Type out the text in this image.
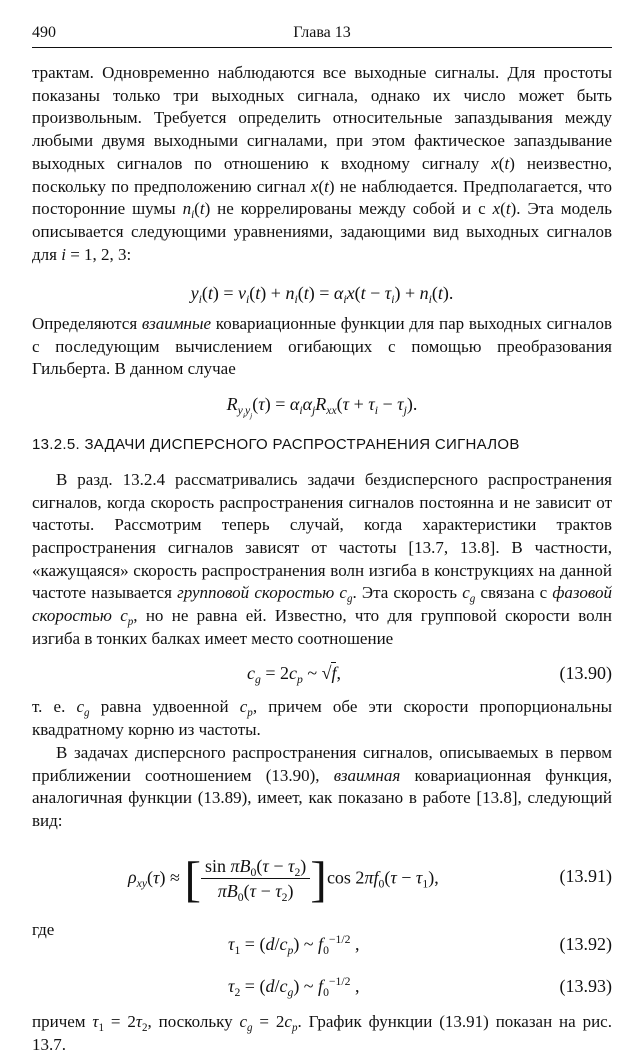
490	Глава 13

трактам. Одновременно наблюдаются все выходные сигналы. Для простоты показаны только три выходных сигнала, однако их число может быть произвольным. Требуется определить относительные запаздывания между любыми двумя выходными сигналами, при этом фактическое запаздывание выходных сигналов по отношению к входному сигналу x(t) неизвестно, поскольку по предположению сигнал x(t) не наблюдается. Предполагается, что посторонние шумы $n_i(t)$ не коррелированы между собой и с x(t). Эта модель описывается следующими уравнениями, задающими вид выходных сигналов для i = 1, 2, 3:

$y_i(t) = v_i(t) + n_i(t) = \alpha_ix(t - \tau_i) + n_i(t)$.

Определяются взаимные ковариационные функции для пар выходных сигналов с последующим вычислением огибающих с помощью преобразования Гильберта. В данном случае

$R_{y_iy_j}(\tau) = \alpha_i\alpha_jR_{xx}(\tau + \tau_i - \tau_j)$.
13.2.5. ЗАДАЧИ ДИСПЕРСНОГО РАСПРОСТРАНЕНИЯ СИГНАЛОВ

В разд. 13.2.4 рассматривались задачи бездисперсного распространения сигналов, когда скорость распространения сигналов постоянна и не зависит от частоты. Рассмотрим теперь случай, когда характеристики трактов распространения сигналов зависят от частоты [13.7, 13.8]. В частности, «кажущаяся» скорость распространения волн изгиба в конструкциях на данной частоте называется групповой скоростью $c_g$. Эта скорость $c_g$ связана с фазовой скоростью $c_p$, но не равна ей. Известно, что для групповой скорости волн изгиба в тонких балках имеет место соотношение

$c_g = 2c_p$ ~ √f,	(13.90)

т. е. $c_g$ равна удвоенной $c_p$, причем обе эти скорости пропорциональны квадратному корню из частоты.

В задачах дисперсного распространения сигналов, описываемых в первом приближении соотношением (13.90), взаимная ковариационная функция, аналогичная функции (13.89), имеет, как показано в работе [13.8], следующий вид:

$\rho_{xy}(\tau)$ ≈ [ $\frac{\sin \pi B_0(\tau - \tau_2)}{\pi B_0(\tau - \tau_2)} ]\cos$ $2\pi f_0(\tau - \tau_1)$,	(13.91)
где
$\tau_1 = (d/c_p)$ ~ $f_0^{-1/2}$ ,	(13.92)
$\tau_2 = (d/c_g)$ ~ $f_0^{-1/2}$ ,	(13.93)

причем $\tau_1 = 2\tau_2$, поскольку $c_g = 2c_p$. График функции (13.91) показан на рис. 13.7.
